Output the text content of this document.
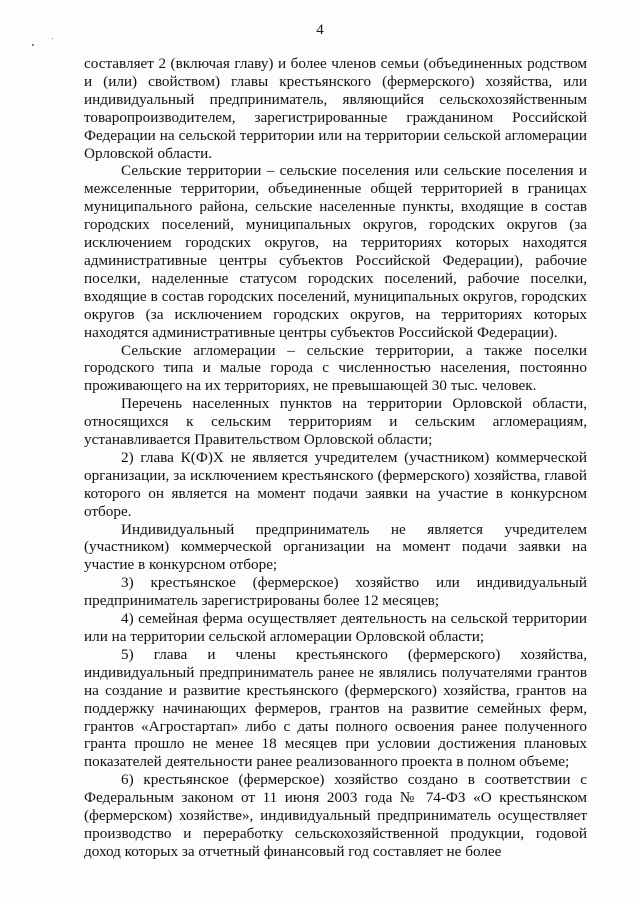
4

составляет 2 (включая главу) и более членов семьи (объединенных родством и (или) свойством) главы крестьянского (фермерского) хозяйства, или индивидуальный предприниматель, являющийся сельскохозяйственным товаропроизводителем, зарегистрированные гражданином Российской Федерации на сельской территории или на территории сельской агломерации Орловской области.

Сельские территории – сельские поселения или сельские поселения и межселенные территории, объединенные общей территорией в границах муниципального района, сельские населенные пункты, входящие в состав городских поселений, муниципальных округов, городских округов (за исключением городских округов, на территориях которых находятся административные центры субъектов Российской Федерации), рабочие поселки, наделенные статусом городских поселений, рабочие поселки, входящие в состав городских поселений, муниципальных округов, городских округов (за исключением городских округов, на территориях которых находятся административные центры субъектов Российской Федерации).

Сельские агломерации – сельские территории, а также поселки городского типа и малые города с численностью населения, постоянно проживающего на их территориях, не превышающей 30 тыс. человек.

Перечень населенных пунктов на территории Орловской области, относящихся к сельским территориям и сельским агломерациям, устанавливается Правительством Орловской области;

2) глава К(Ф)Х не является учредителем (участником) коммерческой организации, за исключением крестьянского (фермерского) хозяйства, главой которого он является на момент подачи заявки на участие в конкурсном отборе.

Индивидуальный предприниматель не является учредителем (участником) коммерческой организации на момент подачи заявки на участие в конкурсном отборе;

3) крестьянское (фермерское) хозяйство или индивидуальный предприниматель зарегистрированы более 12 месяцев;

4) семейная ферма осуществляет деятельность на сельской территории или на территории сельской агломерации Орловской области;

5) глава и члены крестьянского (фермерского) хозяйства, индивидуальный предприниматель ранее не являлись получателями грантов на создание и развитие крестьянского (фермерского) хозяйства, грантов на поддержку начинающих фермеров, грантов на развитие семейных ферм, грантов «Агростартап» либо с даты полного освоения ранее полученного гранта прошло не менее 18 месяцев при условии достижения плановых показателей деятельности ранее реализованного проекта в полном объеме;

6) крестьянское (фермерское) хозяйство создано в соответствии с Федеральным законом от 11 июня 2003 года № 74-ФЗ «О крестьянском (фермерском) хозяйстве», индивидуальный предприниматель осуществляет производство и переработку сельскохозяйственной продукции, годовой доход которых за отчетный финансовый год составляет не более
